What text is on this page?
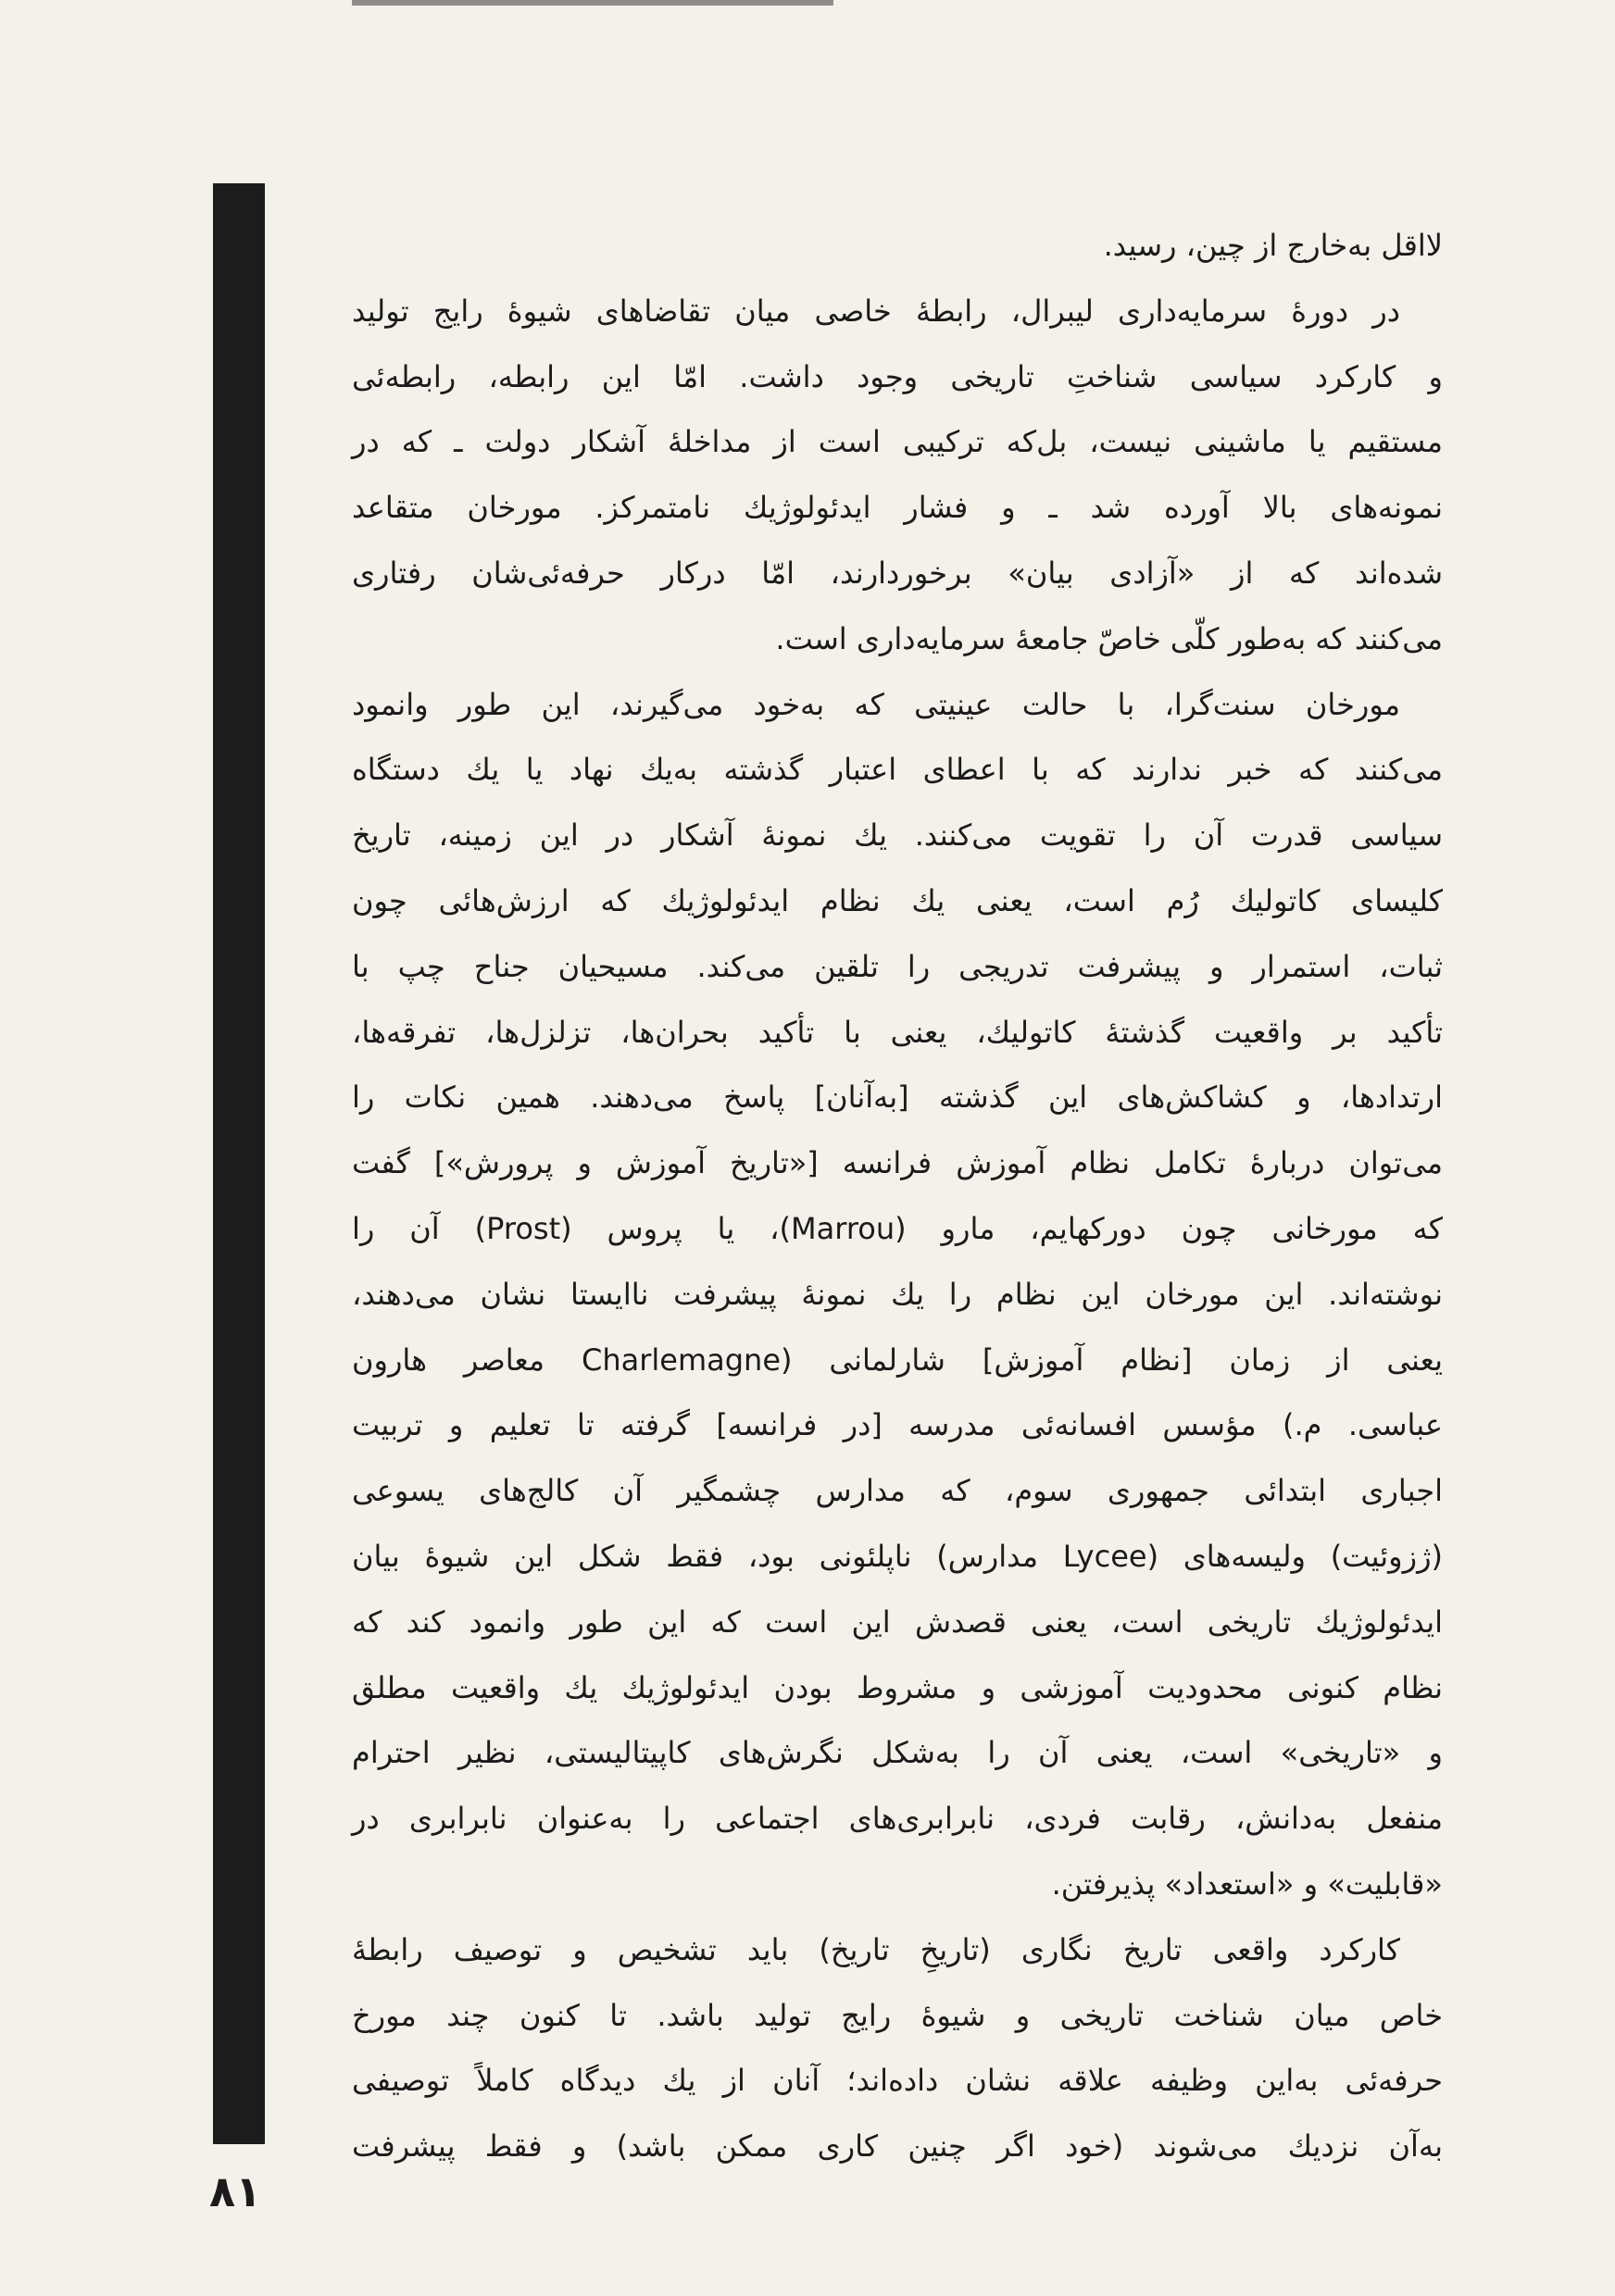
لااقل به‌خارج از چین، رسید.
در دورهٔ سرمایه‌داری لیبرال، رابطهٔ خاصی میان تقاضاهای شیوهٔ رایج تولید
و کارکرد سیاسی شناختِ تاریخی وجود داشت. امّا این رابطه، رابطه‌ئی
مستقیم یا ماشینی نیست، بل‌که ترکیبی است از مداخلهٔ آشکار دولت ـ که در
نمونه‌های بالا آورده شد ـ و فشار ایدئولوژیك نامتمرکز. مورخان متقاعد
شده‌اند که از «آزادی بیان» برخوردارند، امّا درکار حرفه‌ئی‌شان رفتاری
می‌کنند که به‌طور کلّی خاصّ جامعهٔ سرمایه‌داری است.
مورخان سنت‌گرا، با حالت عینیتی که به‌خود می‌گیرند، این طور وانمود
می‌کنند که خبر ندارند که با اعطای اعتبار گذشته به‌یك نهاد یا یك دستگاه
سیاسی قدرت آن را تقویت می‌کنند. یك نمونهٔ آشکار در این زمینه، تاریخ
کلیسای کاتولیك رُم است، یعنی یك نظام ایدئولوژیك که ارزش‌هائی چون
ثبات، استمرار و پیشرفت تدریجی را تلقین می‌کند. مسیحیان جناح چپ با
تأکید بر واقعیت گذشتهٔ کاتولیك، یعنی با تأکید بحران‌ها، تزلزل‌ها، تفرقه‌ها،
ارتدادها، و کشاکش‌های این گذشته [به‌آنان] پاسخ می‌دهند. همین نکات را
می‌توان دربارهٔ تکامل نظام آموزش فرانسه [«تاریخ آموزش و پرورش»] گفت
که مورخانی چون دورکهایم، مارو (Marrou)، یا پروس (Prost) آن را
نوشته‌اند. این مورخان این نظام را یك نمونهٔ پیشرفت ناایستا نشان می‌دهند،
یعنی از زمان [نظام آموزش] شارلمانی (Charlemagne معاصر هارون
عباسی. م.) مؤسس افسانه‌ئی مدرسه [در فرانسه] گرفته تا تعلیم و تربیت
اجباری ابتدائی جمهوری سوم، که مدارس چشمگیر آن کالج‌های یسوعی
(ژزوئیت) ولیسه‌های (Lycee مدارس) ناپلئونی بود، فقط شکل این شیوهٔ بیان
ایدئولوژیك تاریخی است، یعنی قصدش این است که این طور وانمود کند که
نظام کنونی محدودیت آموزشی و مشروط بودن ایدئولوژیك یك واقعیت مطلق
و «تاریخی» است، یعنی آن را به‌شکل نگرش‌های کاپیتالیستی، نظیر احترام
منفعل به‌دانش، رقابت فردی، نابرابری‌های اجتماعی را به‌عنوان نابرابری در
«قابلیت» و «استعداد» پذیرفتن.
کارکرد واقعی تاریخ نگاری (تاریخِ تاریخ) باید تشخیص و توصیف رابطهٔ
خاص میان شناخت تاریخی و شیوهٔ رایج تولید باشد. تا کنون چند مورخ
حرفه‌ئی به‌این وظیفه علاقه نشان داده‌اند؛ آنان از یك دیدگاه کاملاً توصیفی
به‌آن نزدیك می‌شوند (خود اگر چنین کاری ممکن باشد) و فقط پیشرفت
۸۱
